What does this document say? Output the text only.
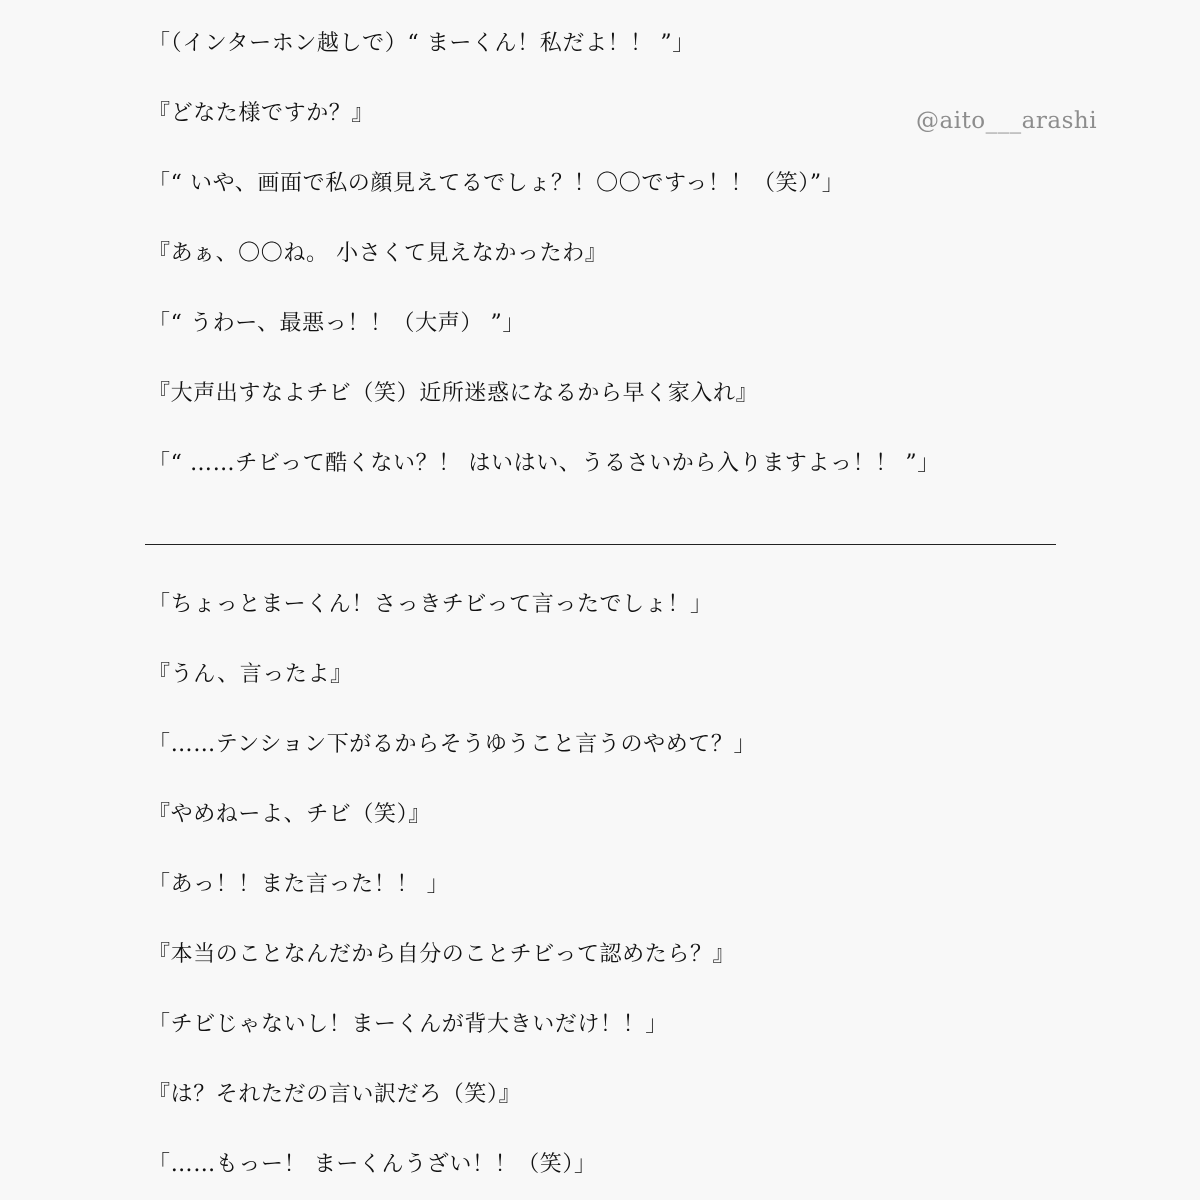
@aito___arashi
「（インターホン越しで）“ まーくん！私だよ！！ ”」
『どなた様ですか？』
「“ いや、画面で私の顔見えてるでしょ？！〇〇ですっ！！（笑）”」
『あぁ、〇〇ね。 小さくて見えなかったわ』
「“ うわー、最悪っ！！（大声） ”」
『大声出すなよチビ（笑）近所迷惑になるから早く家入れ』
「“ ……チビって酷くない？！ はいはい、うるさいから入りますよっ！！ ”」
「ちょっとまーくん！さっきチビって言ったでしょ！」
『うん、言ったよ』
「……テンション下がるからそうゆうこと言うのやめて？」
『やめねーよ、チビ（笑）』
「あっ！！また言った！！ 」
『本当のことなんだから自分のことチビって認めたら？』
「チビじゃないし！まーくんが背大きいだけ！！」
『は？それただの言い訳だろ（笑）』
「……もっー！ まーくんうざい！！（笑）」
